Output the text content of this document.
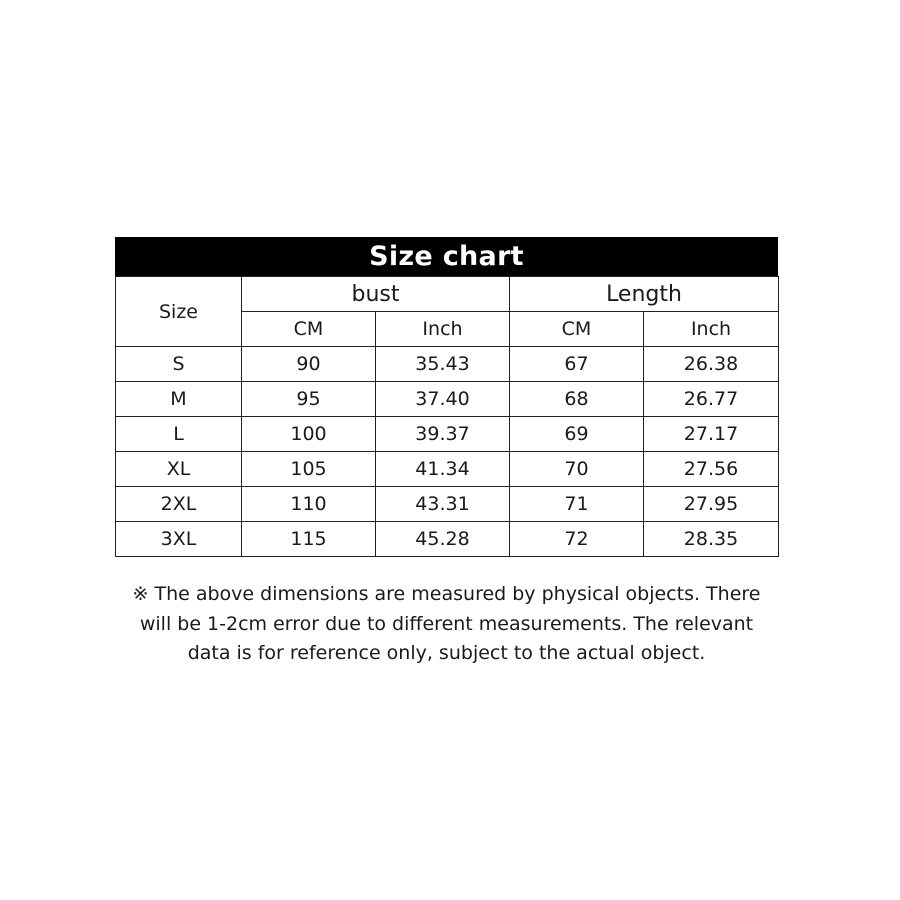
Size chart
Size	bust		Length	
	CM	Inch	CM	Inch
S	90	35.43	67	26.38
M	95	37.40	68	26.77
L	100	39.37	69	27.17
XL	105	41.34	70	27.56
2XL	110	43.31	71	27.95
3XL	115	45.28	72	28.35
※ The above dimensions are measured by physical objects. There
will be 1-2cm error due to different measurements. The relevant
data is for reference only, subject to the actual object.
